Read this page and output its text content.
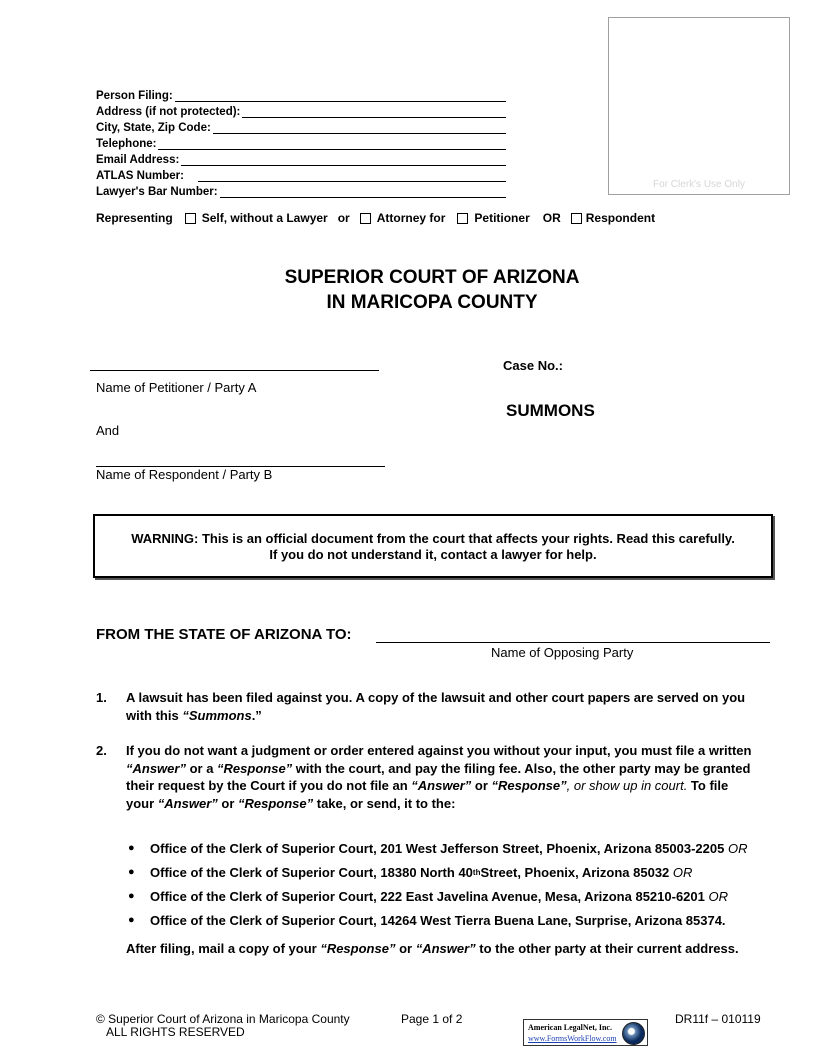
For Clerk's Use Only
Person Filing:
Address (if not protected):
City, State, Zip Code:
Telephone:
Email Address:
ATLAS Number:
Lawyer's Bar Number:
Representing Self, without a Lawyer or Attorney for Petitioner OR Respondent
SUPERIOR COURT OF ARIZONA
IN MARICOPA COUNTY
Name of Petitioner / Party A
And
Name of Respondent / Party B
Case No.:
SUMMONS
WARNING: This is an official document from the court that affects your rights. Read this carefully.
If you do not understand it, contact a lawyer for help.
FROM THE STATE OF ARIZONA TO:
Name of Opposing Party
1. A lawsuit has been filed against you. A copy of the lawsuit and other court papers are served on you
with this “Summons.”
2. If you do not want a judgment or order entered against you without your input, you must file a written
“Answer” or a “Response” with the court, and pay the filing fee. Also, the other party may be granted
their request by the Court if you do not file an “Answer” or “Response”, or show up in court. To file
your “Answer” or “Response” take, or send, it to the:
●	Office of the Clerk of Superior Court, 201 West Jefferson Street, Phoenix, Arizona 85003-2205
OR
●	Office of the Clerk of Superior Court, 18380 North 40 th Street, Phoenix, Arizona 85032
OR
●	Office of the Clerk of Superior Court, 222 East Javelina Avenue, Mesa, Arizona 85210-6201
OR
●	Office of the Clerk of Superior Court, 14264 West Tierra Buena Lane, Surprise, Arizona 85374.
After filing, mail a copy of your “Response” or “Answer” to the other party at their current address.
© Superior Court of Arizona in Maricopa County
ALL RIGHTS RESERVED
Page 1 of 2	DR11f – 010119
American LegalNet, Inc.
www.FormsWorkFlow.com
